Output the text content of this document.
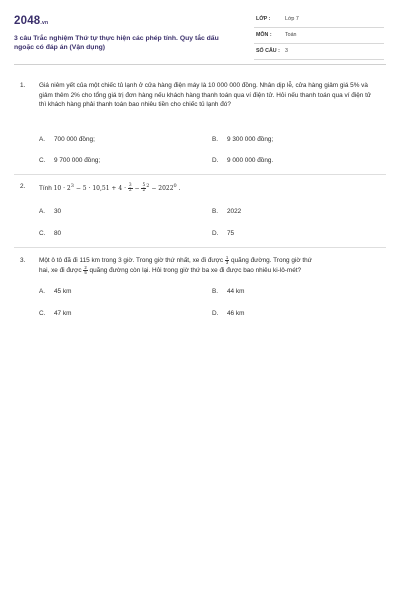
2048.vn
3 câu Trắc nghiệm Thứ tự thực hiện các phép tính. Quy tắc dấu ngoặc có đáp án (Vận dụng)
LỚP :	Lớp 7
MÔN :	Toán
SỐ CÂU : 3
1. Giá niêm yết của một chiếc tủ lạnh ở cửa hàng điện máy là 10 000 000 đồng. Nhân dịp lễ, cửa hàng giảm giá 5% và giảm thêm 2% cho tổng giá trị đơn hàng nếu khách hàng thanh toán qua ví điện tử. Hỏi nếu thanh toán qua ví điện tử thì khách hàng phải thanh toán bao nhiêu tiền cho chiếc tủ lạnh đó?
A. 700 000 đồng;	B. 9 300 000 đồng;
C. 9 700 000 đồng;	D. 9 000 000 đồng.
2. Tính $10 \cdot 2^3 - 5 \cdot 10,51 + 4 \cdot \frac{3}{2} - \frac{5}{2} ^2 - 2022^0$ .
A. 30	B. 2022
C. 80	D. 75
3. Một ô tô đã đi 115 km trong 3 giờ. Trong giờ thứ nhất, xe đi được $\frac{1}{3}$ quãng đường. Trong giờ thứ
hai, xe đi được $\frac{2}{5}$ quãng đường còn lại. Hỏi trong giờ thứ ba xe đi được bao nhiêu ki-lô-mét?
A. 45 km	B. 44 km
C. 47 km	D. 46 km
